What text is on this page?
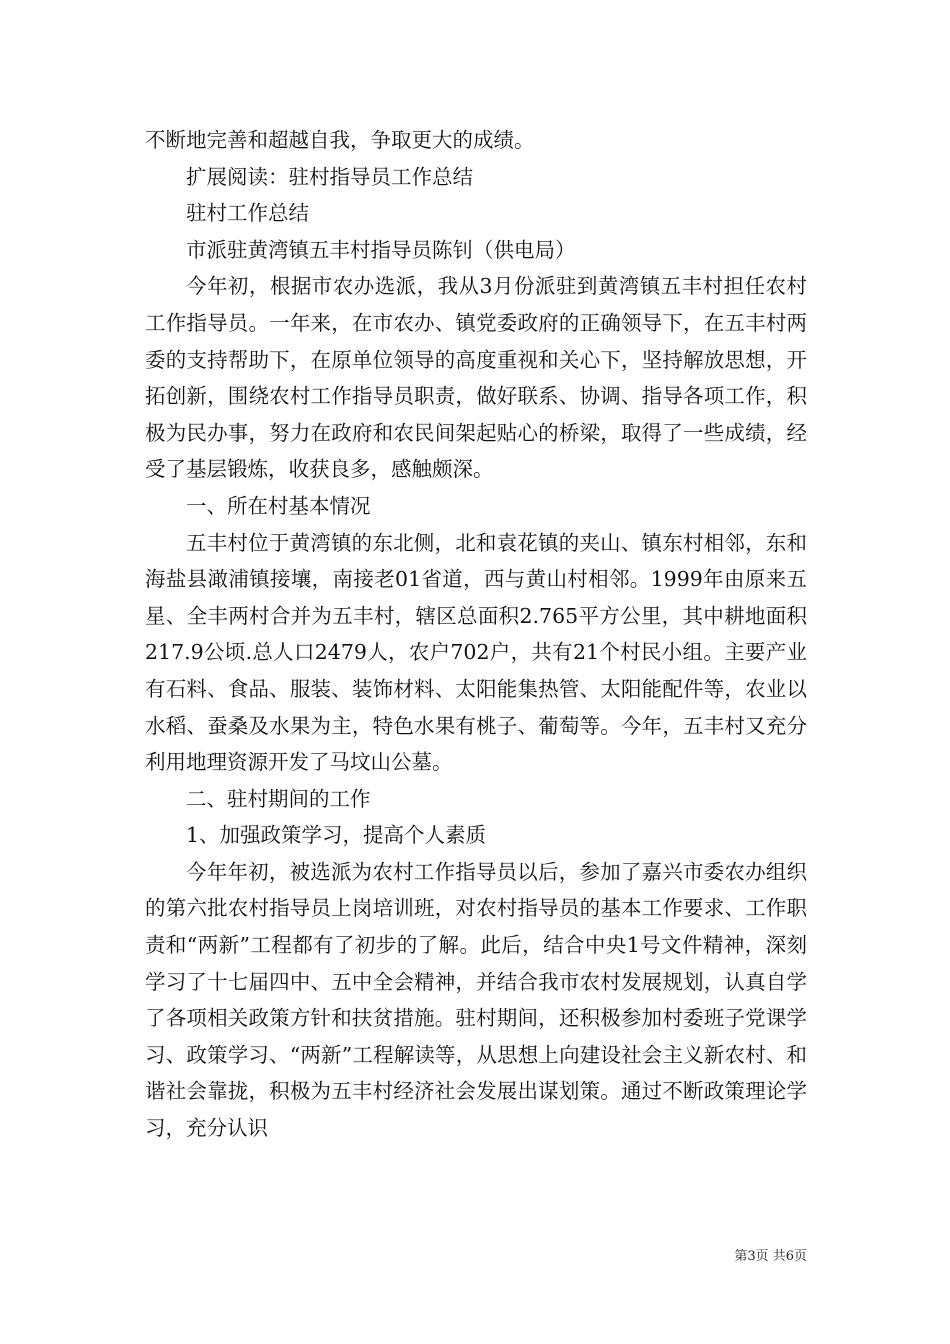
不断地完善和超越自我，争取更大的成绩。

扩展阅读：驻村指导员工作总结

驻村工作总结

市派驻黄湾镇五丰村指导员陈钊（供电局）

今年初，根据市农办选派，我从3月份派驻到黄湾镇五丰村担任农村工作指导员。一年来，在市农办、镇党委政府的正确领导下，在五丰村两委的支持帮助下，在原单位领导的高度重视和关心下，坚持解放思想，开拓创新，围绕农村工作指导员职责，做好联系、协调、指导各项工作，积极为民办事，努力在政府和农民间架起贴心的桥梁，取得了一些成绩，经受了基层锻炼，收获良多，感触颇深。

一、所在村基本情况

五丰村位于黄湾镇的东北侧，北和袁花镇的夹山、镇东村相邻，东和海盐县澉浦镇接壤，南接老01省道，西与黄山村相邻。1999年由原来五星、全丰两村合并为五丰村，辖区总面积2.765平方公里，其中耕地面积217.9公顷.总人口2479人，农户702户，共有21个村民小组。主要产业有石料、食品、服装、装饰材料、太阳能集热管、太阳能配件等，农业以水稻、蚕桑及水果为主，特色水果有桃子、葡萄等。今年，五丰村又充分利用地理资源开发了马坟山公墓。

二、驻村期间的工作

1、加强政策学习，提高个人素质

今年年初，被选派为农村工作指导员以后，参加了嘉兴市委农办组织的第六批农村指导员上岗培训班，对农村指导员的基本工作要求、工作职责和“两新”工程都有了初步的了解。此后，结合中央1号文件精神，深刻学习了十七届四中、五中全会精神，并结合我市农村发展规划，认真自学了各项相关政策方针和扶贫措施。驻村期间，还积极参加村委班子党课学习、政策学习、“两新”工程解读等，从思想上向建设社会主义新农村、和谐社会靠拢，积极为五丰村经济社会发展出谋划策。通过不断政策理论学习，充分认识

第3页 共6页
